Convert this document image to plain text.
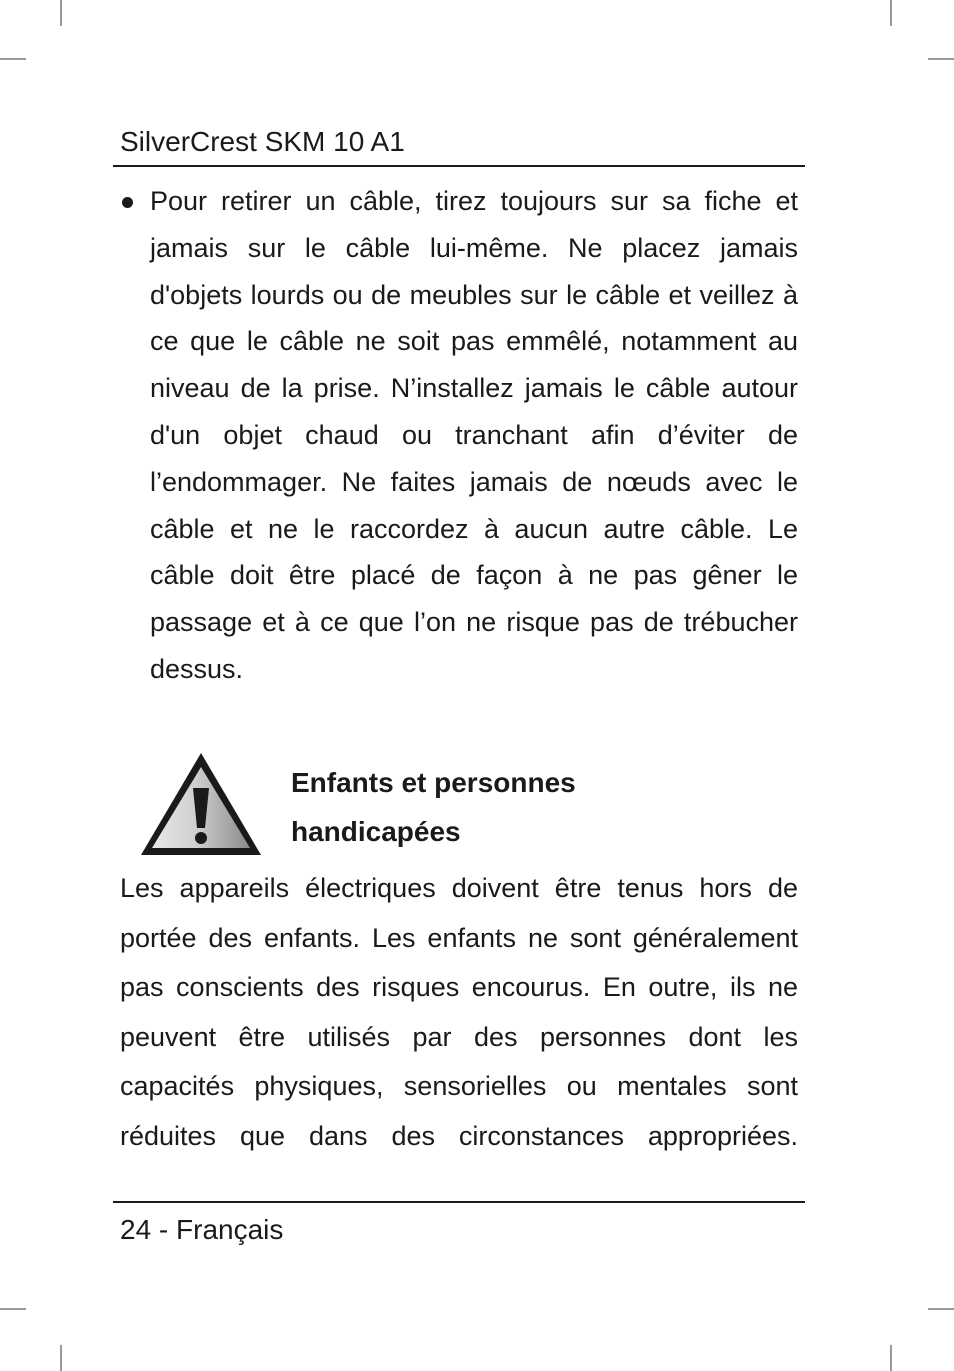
SilverCrest SKM 10 A1
Pour retirer un câble, tirez toujours sur sa fiche et jamais sur le câble lui-même. Ne placez jamais d'objets lourds ou de meubles sur le câble et veillez à ce que le câble ne soit pas emmêlé, notamment au niveau de la prise. N’installez jamais le câble autour d'un objet chaud ou tranchant afin d’éviter de l’endommager. Ne faites jamais de nœuds avec le câble et ne le raccordez à aucun autre câble. Le câble doit être placé de façon à ne pas gêner le passage et à ce que l’on ne risque pas de trébucher dessus.
Enfants et personnes
handicapées
Les appareils électriques doivent être tenus hors de portée des enfants. Les enfants ne sont généralement pas conscients des risques encourus. En outre, ils ne peuvent être utilisés par des personnes dont les capacités physiques, sensorielles ou mentales sont réduites que dans des circonstances appropriées.
24 - Français
